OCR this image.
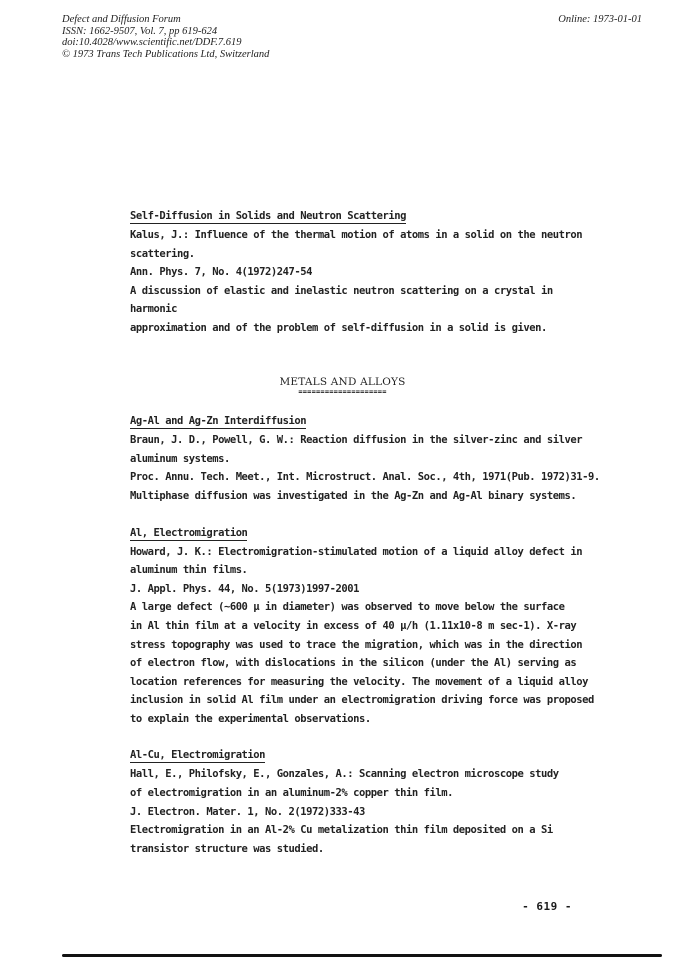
Defect and Diffusion Forum	Online: 1973-01-01
ISSN: 1662-9507, Vol. 7, pp 619-624
doi:10.4028/www.scientific.net/DDF.7.619
© 1973 Trans Tech Publications Ltd, Switzerland

Self-Diffusion in Solids and Neutron Scattering

Kalus, J.: Influence of the thermal motion of atoms in a solid on the neutron

scattering.

Ann. Phys. 7, No. 4(1972)247-54

A discussion of elastic and inelastic neutron scattering on a crystal in harmonic

approximation and of the problem of self-diffusion in a solid is given.

METALS AND ALLOYS
====================

Ag-Al and Ag-Zn Interdiffusion

Braun, J. D., Powell, G. W.: Reaction diffusion in the silver-zinc and silver

aluminum systems.

Proc. Annu. Tech. Meet., Int. Microstruct. Anal. Soc., 4th, 1971(Pub. 1972)31-9.

Multiphase diffusion was investigated in the Ag-Zn and Ag-Al binary systems.

Al, Electromigration

Howard, J. K.: Electromigration-stimulated motion of a liquid alloy defect in

aluminum thin films.

J. Appl. Phys. 44, No. 5(1973)1997-2001

A large defect (~600 μ in diameter) was observed to move below the surface

in Al thin film at a velocity in excess of 40 μ/h (1.11x10-8 m sec-1). X-ray

stress topography was used to trace the migration, which was in the direction

of electron flow, with dislocations in the silicon (under the Al) serving as

location references for measuring the velocity. The movement of a liquid alloy

inclusion in solid Al film under an electromigration driving force was proposed

to explain the experimental observations.

Al-Cu, Electromigration

Hall, E., Philofsky, E., Gonzales, A.: Scanning electron microscope study

of electromigration in an aluminum-2% copper thin film.

J. Electron. Mater. 1, No. 2(1972)333-43

Electromigration in an Al-2% Cu metalization thin film deposited on a Si

transistor structure was studied.

- 619 -
